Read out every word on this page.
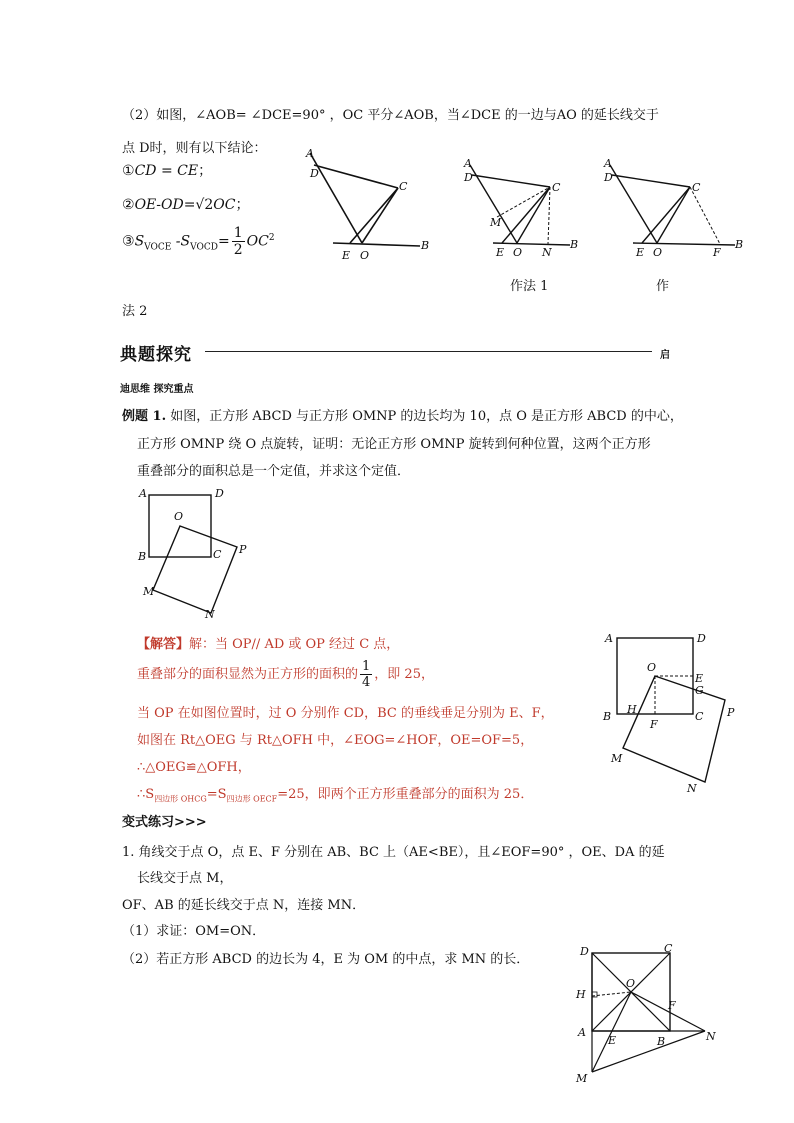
（2）如图，∠AOB= ∠DCE=90° ，OC 平分∠AOB，当∠DCE 的一边与AO 的延长线交于
点 D时，则有以下结论：
①CD = CE；
②OE-OD=√2OC；
$③S_{VOCE}$ $-S_{VOCD}= \frac{1}{2} OC^2$
A
D
C
E O
B
A
D
C
M
E O N
B
作法 1
A
D
C
E O	F
B
作
法 2
典题探究	启
迪思维 探究重点
例题 1. 如图，正方形 ABCD 与正方形 OMNP 的边长均为 10，点 O 是正方形 ABCD 的中心，
正方形 OMNP 绕 O 点旋转，证明：无论正方形 OMNP 旋转到何种位置，这两个正方形
重叠部分的面积总是一个定值，并求这个定值．
A	D
O
B	C P
M
N
【解答】解：当 OP// AD 或 OP 经过 C 点，
重叠部分的面积显然为正方形的面积的 $\frac{1}{4}$ ，即 25，
当 OP 在如图位置时，过 O 分别作 CD，BC 的垂线垂足分别为 E、F，
如图在 Rt△OEG 与 Rt△OFH 中，∠EOG=∠HOF，OE=OF=5，
∴△OEG≌△OFH，
$\therefore S_{四边形 OHCG}=S_{四边形 OECF}=25$，即两个正方形重叠部分的面积为 25．
A	D
O
E
G
B
H
F
C P
M
N
变式练习>>>
1. 角线交于点 O，点 E、F 分别在 AB、BC 上（AE<BE），且∠EOF=90° ，OE、DA 的延
长线交于点 M，
OF、AB 的延长线交于点 N，连接 MN．
（1）求证：OM=ON．
（2）若正方形 ABCD 的边长为 4，E 为 OM 的中点，求 MN 的长．
D	C
O
H
F
A
B	N
E
M
